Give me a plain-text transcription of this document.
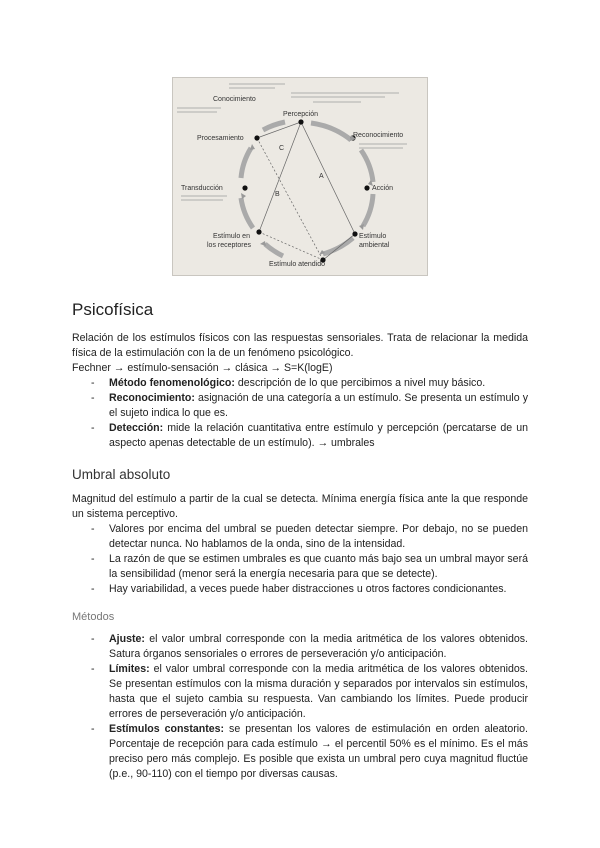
Percepción
Reconocimiento
Acción
Estímulo
ambiental
Estímulo atendido
Estímulo en
los receptores
Transducción
Procesamiento
Conocimiento
A
B
C
Psicofísica

Relación de los estímulos físicos con las respuestas sensoriales. Trata de relacionar la medida física de la estimulación con la de un fenómeno psicológico.

Fechner → estímulo-sensación → clásica → S=K(logE)

- Método fenomenológico: descripción de lo que percibimos a nivel muy básico.
- Reconocimiento: asignación de una categoría a un estímulo. Se presenta un estímulo y el sujeto indica lo que es.
- Detección: mide la relación cuantitativa entre estímulo y percepción (percatarse de un aspecto apenas detectable de un estímulo). → umbrales
Umbral absoluto

Magnitud del estímulo a partir de la cual se detecta. Mínima energía física ante la que responde un sistema perceptivo.

- Valores por encima del umbral se pueden detectar siempre. Por debajo, no se pueden detectar nunca. No hablamos de la onda, sino de la intensidad.
- La razón de que se estimen umbrales es que cuanto más bajo sea un umbral mayor será la sensibilidad (menor será la energía necesaria para que se detecte).
- Hay variabilidad, a veces puede haber distracciones u otros factores condicionantes.
Métodos
- Ajuste: el valor umbral corresponde con la media aritmética de los valores obtenidos. Satura órganos sensoriales o errores de perseveración y/o anticipación.
- Límites: el valor umbral corresponde con la media aritmética de los valores obtenidos. Se presentan estímulos con la misma duración y separados por intervalos sin estímulos, hasta que el sujeto cambia su respuesta. Van cambiando los límites. Puede producir errores de perseveración y/o anticipación.
- Estímulos constantes: se presentan los valores de estimulación en orden aleatorio. Porcentaje de recepción para cada estímulo → el percentil 50% es el mínimo. Es el más preciso pero más complejo. Es posible que exista un umbral pero cuya magnitud fluctúe (p.e., 90-110) con el tiempo por diversas causas.
